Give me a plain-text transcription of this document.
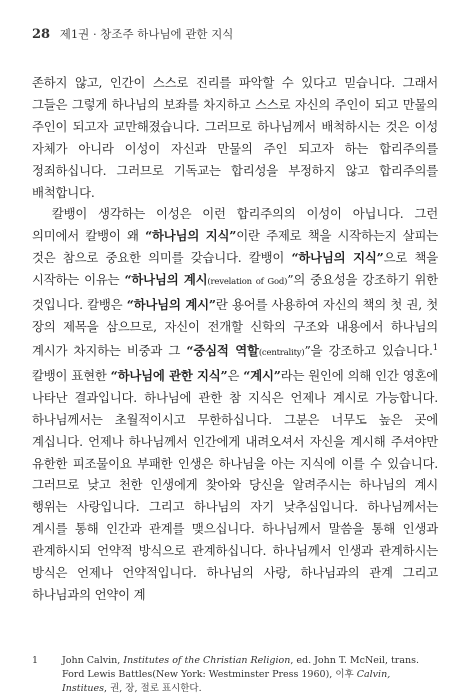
28 제1권 · 창조주 하나님에 관한 지식

존하지 않고, 인간이 스스로 진리를 파악할 수 있다고 믿습니다. 그래서 그들은 그렇게 하나님의 보좌를 차지하고 스스로 자신의 주인이 되고 만물의 주인이 되고자 교만해졌습니다. 그러므로 하나님께서 배척하시는 것은 이성 자체가 아니라 이성이 자신과 만물의 주인 되고자 하는 합리주의를 정죄하십니다. 그러므로 기독교는 합리성을 부정하지 않고 합리주의를 배척합니다.

칼뱅이 생각하는 이성은 이런 합리주의의 이성이 아닙니다. 그런 의미에서 칼뱅이 왜 “하나님의 지식”이란 주제로 책을 시작하는지 살피는 것은 참으로 중요한 의미를 갖습니다. 칼뱅이 “하나님의 지식”으로 책을 시작하는 이유는 “하나님의 계시(revelation of God)”의 중요성을 강조하기 위한 것입니다. 칼뱅은 “하나님의 계시”란 용어를 사용하여 자신의 책의 첫 권, 첫 장의 제목을 삼으므로, 자신이 전개할 신학의 구조와 내용에서 하나님의 계시가 차지하는 비중과 그 “중심적 역할(centrality)”을 강조하고 있습니다.$^1$ 칼뱅이 표현한 “하나님에 관한 지식”은 “계시”라는 원인에 의해 인간 영혼에 나타난 결과입니다. 하나님에 관한 참 지식은 언제나 계시로 가능합니다. 하나님께서는 초월적이시고 무한하십니다. 그분은 너무도 높은 곳에 계십니다. 언제나 하나님께서 인간에게 내려오셔서 자신을 계시해 주셔야만 유한한 피조물이요 부패한 인생은 하나님을 아는 지식에 이를 수 있습니다. 그러므로 낮고 천한 인생에게 찾아와 당신을 알려주시는 하나님의 계시 행위는 사랑입니다. 그리고 하나님의 자기 낮추심입니다. 하나님께서는 계시를 통해 인간과 관계를 맺으십니다. 하나님께서 말씀을 통해 인생과 관계하시되 언약적 방식으로 관계하십니다. 하나님께서 인생과 관계하시는 방식은 언제나 언약적입니다. 하나님의 사랑, 하나님과의 관계 그리고 하나님과의 언약이 계

1	John Calvin, Institutes of the Christian Religion, ed. John T. McNeil, trans. Ford Lewis Battles(New York: Westminster Press 1960), 이후 Calvin, Institues, 권, 장, 절로 표시한다.
